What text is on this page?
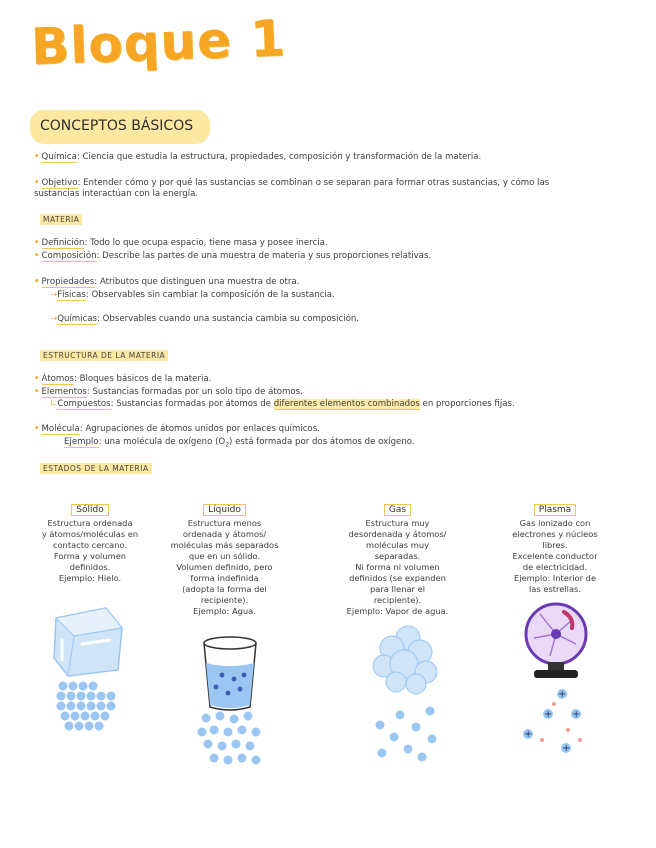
Bloque 1
CONCEPTOS BÁSICOS
• Química: Ciencia que estudia la estructura, propiedades, composición y transformación de la materia.
• Objetivo: Entender cómo y por qué las sustancias se combinan o se separan para formar otras sustancias, y cómo las sustancias interactúan con la energía.
MATERIA
• Definición: Todo lo que ocupa espacio, tiene masa y posee inercia.
• Composición: Describe las partes de una muestra de materia y sus proporciones relativas.
• Propiedades: Atributos que distinguen una muestra de otra.
→Físicas: Observables sin cambiar la composición de la sustancia.
→Químicas: Observables cuando una sustancia cambia su composición.
ESTRUCTURA DE LA MATERIA
• Átomos: Bloques básicos de la materia.
• Elementos: Sustancias formadas por un solo tipo de átomos.
∟Compuestos: Sustancias formadas por átomos de diferentes elementos combinados en proporciones fijas.
• Molécula: Agrupaciones de átomos unidos por enlaces químicos.
Ejemplo: una molécula de oxígeno $(O_2)$ está formada por dos átomos de oxígeno.
ESTADOS DE LA MATERIA
Sólido
Estructura ordenada
y átomos/moléculas en
contacto cercano.
Forma y volumen
definidos.
Ejemplo: Hielo.
Líquido
Estructura menos
ordenada y átomos/
moléculas más separados
que en un sólido.
Volumen definido, pero
forma indefinida
(adopta la forma del
recipiente).
Ejemplo: Agua.
Gas
Estructura muy
desordenada y átomos/
moléculas muy
separadas.
Ni forma ni volumen
definidos (se expanden
para llenar el
recipiente).
Ejemplo: Vapor de agua.
Plasma
Gas ionizado con
electrones y núcleos
libres.
Excelente conductor
de electricidad.
Ejemplo: Interior de
las estrellas.
+
+ +
+
+
